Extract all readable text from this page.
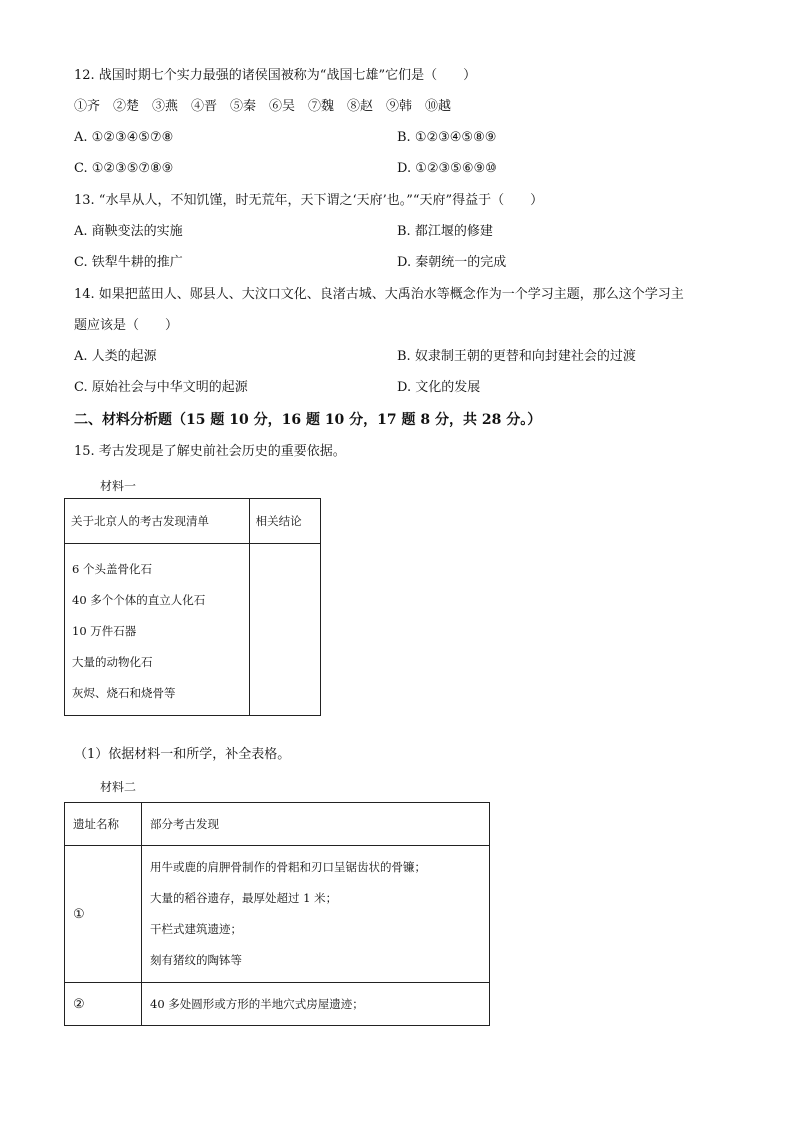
12. 战国时期七个实力最强的诸侯国被称为“战国七雄”它们是（　　）
①齐　②楚　③燕　④晋　⑤秦　⑥吴　⑦魏　⑧赵　⑨韩　⑩越
A. ①②③④⑤⑦⑧	B. ①②③④⑤⑧⑨
C. ①②③⑤⑦⑧⑨	D. ①②③⑤⑥⑨⑩
13. “水旱从人，不知饥馑，时无荒年，天下谓之‘天府’也。”“天府”得益于（　　）
A. 商鞅变法的实施	B. 都江堰的修建
C. 铁犁牛耕的推广	D. 秦朝统一的完成
14. 如果把蓝田人、郧县人、大汶口文化、良渚古城、大禹治水等概念作为一个学习主题，那么这个学习主
题应该是（　　）
A. 人类的起源	B. 奴隶制王朝的更替和向封建社会的过渡
C. 原始社会与中华文明的起源	D. 文化的发展
二、材料分析题（15 题 10 分，16 题 10 分，17 题 8 分，共 28 分。）
15. 考古发现是了解史前社会历史的重要依据。
材料一
关于北京人的考古发现清单	相关结论

6 个头盖骨化石
40 多个个体的直立人化石
10 万件石器
大量的动物化石
灰烬、烧石和烧骨等	

（1）依据材料一和所学，补全表格。
材料二
遗址名称	部分考古发现
①	用牛或鹿的肩胛骨制作的骨耜和刃口呈锯齿状的骨镰；
大量的稻谷遗存，最厚处超过 1 米；
干栏式建筑遗迹；
刻有猪纹的陶钵等

②	40 多处圆形或方形的半地穴式房屋遗迹；
